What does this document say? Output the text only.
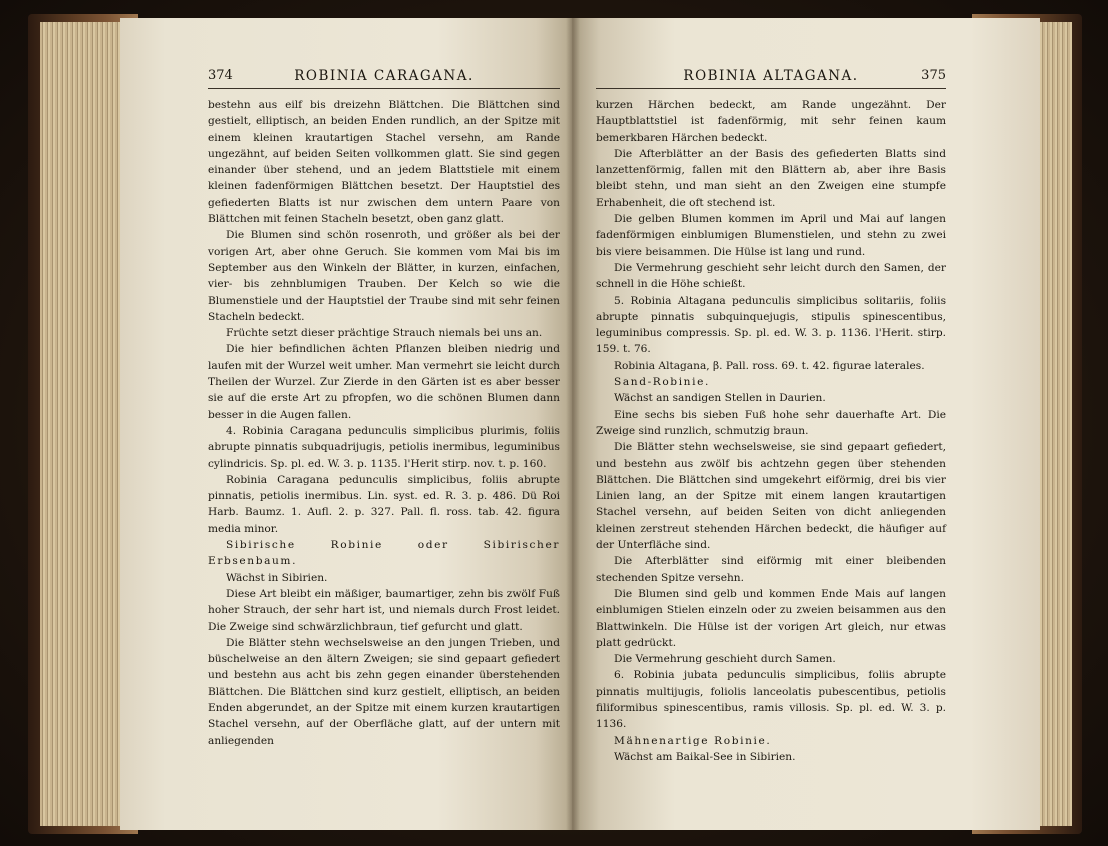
374	ROBINIA CARAGANA.

bestehn aus eilf bis dreizehn Blättchen. Die Blättchen sind gestielt, elliptisch, an beiden Enden rundlich, an der Spitze mit einem kleinen krautartigen Stachel versehn, am Rande ungezähnt, auf beiden Seiten vollkommen glatt. Sie sind gegen einander über stehend, und an jedem Blattstiele mit einem kleinen fadenförmigen Blättchen besetzt. Der Hauptstiel des gefiederten Blatts ist nur zwischen dem untern Paare von Blättchen mit feinen Stacheln besetzt, oben ganz glatt.

Die Blumen sind schön rosenroth, und größer als bei der vorigen Art, aber ohne Geruch. Sie kommen vom Mai bis im September aus den Winkeln der Blätter, in kurzen, einfachen, vier- bis zehnblumigen Trauben. Der Kelch so wie die Blumenstiele und der Hauptstiel der Traube sind mit sehr feinen Stacheln bedeckt.

Früchte setzt dieser prächtige Strauch niemals bei uns an.

Die hier befindlichen ächten Pflanzen bleiben niedrig und laufen mit der Wurzel weit umher. Man vermehrt sie leicht durch Theilen der Wurzel. Zur Zierde in den Gärten ist es aber besser sie auf die erste Art zu pfropfen, wo die schönen Blumen dann besser in die Augen fallen.

4. Robinia Caragana pedunculis simplicibus plurimis, foliis abrupte pinnatis subquadrijugis, petiolis inermibus, leguminibus cylindricis. Sp. pl. ed. W. 3. p. 1135. l'Herit stirp. nov. t. p. 160.

Robinia Caragana pedunculis simplicibus, foliis abrupte pinnatis, petiolis inermibus. Lin. syst. ed. R. 3. p. 486. Dü Roi Harb. Baumz. 1. Aufl. 2. p. 327. Pall. fl. ross. tab. 42. figura media minor.

Sibirische Robinie oder Sibirischer Erbsenbaum.

Wächst in Sibirien.

Diese Art bleibt ein mäßiger, baumartiger, zehn bis zwölf Fuß hoher Strauch, der sehr hart ist, und niemals durch Frost leidet. Die Zweige sind schwärzlichbraun, tief gefurcht und glatt.

Die Blätter stehn wechselsweise an den jungen Trieben, und büschelweise an den ältern Zweigen; sie sind gepaart gefiedert und bestehn aus acht bis zehn gegen einander überstehenden Blättchen. Die Blättchen sind kurz gestielt, elliptisch, an beiden Enden abgerundet, an der Spitze mit einem kurzen krautartigen Stachel versehn, auf der Oberfläche glatt, auf der untern mit anliegenden

ROBINIA ALTAGANA.	375

kurzen Härchen bedeckt, am Rande ungezähnt. Der Hauptblattstiel ist fadenförmig, mit sehr feinen kaum bemerkbaren Härchen bedeckt.

Die Afterblätter an der Basis des gefiederten Blatts sind lanzettenförmig, fallen mit den Blättern ab, aber ihre Basis bleibt stehn, und man sieht an den Zweigen eine stumpfe Erhabenheit, die oft stechend ist.

Die gelben Blumen kommen im April und Mai auf langen fadenförmigen einblumigen Blumenstielen, und stehn zu zwei bis viere beisammen. Die Hülse ist lang und rund.

Die Vermehrung geschieht sehr leicht durch den Samen, der schnell in die Höhe schießt.

5. Robinia Altagana pedunculis simplicibus solitariis, foliis abrupte pinnatis subquinquejugis, stipulis spinescentibus, leguminibus compressis. Sp. pl. ed. W. 3. p. 1136. l'Herit. stirp. 159. t. 76.

Robinia Altagana, β. Pall. ross. 69. t. 42. figurae laterales.

Sand-Robinie.

Wächst an sandigen Stellen in Daurien.

Eine sechs bis sieben Fuß hohe sehr dauerhafte Art. Die Zweige sind runzlich, schmutzig braun.

Die Blätter stehn wechselsweise, sie sind gepaart gefiedert, und bestehn aus zwölf bis achtzehn gegen über stehenden Blättchen. Die Blättchen sind umgekehrt eiförmig, drei bis vier Linien lang, an der Spitze mit einem langen krautartigen Stachel versehn, auf beiden Seiten von dicht anliegenden kleinen zerstreut stehenden Härchen bedeckt, die häufiger auf der Unterfläche sind.

Die Afterblätter sind eiförmig mit einer bleibenden stechenden Spitze versehn.

Die Blumen sind gelb und kommen Ende Mais auf langen einblumigen Stielen einzeln oder zu zweien beisammen aus den Blattwinkeln. Die Hülse ist der vorigen Art gleich, nur etwas platt gedrückt.

Die Vermehrung geschieht durch Samen.

6. Robinia jubata pedunculis simplicibus, foliis abrupte pinnatis multijugis, foliolis lanceolatis pubescentibus, petiolis filiformibus spinescentibus, ramis villosis. Sp. pl. ed. W. 3. p. 1136.

Mähnenartige Robinie.

Wächst am Baikal-See in Sibirien.
